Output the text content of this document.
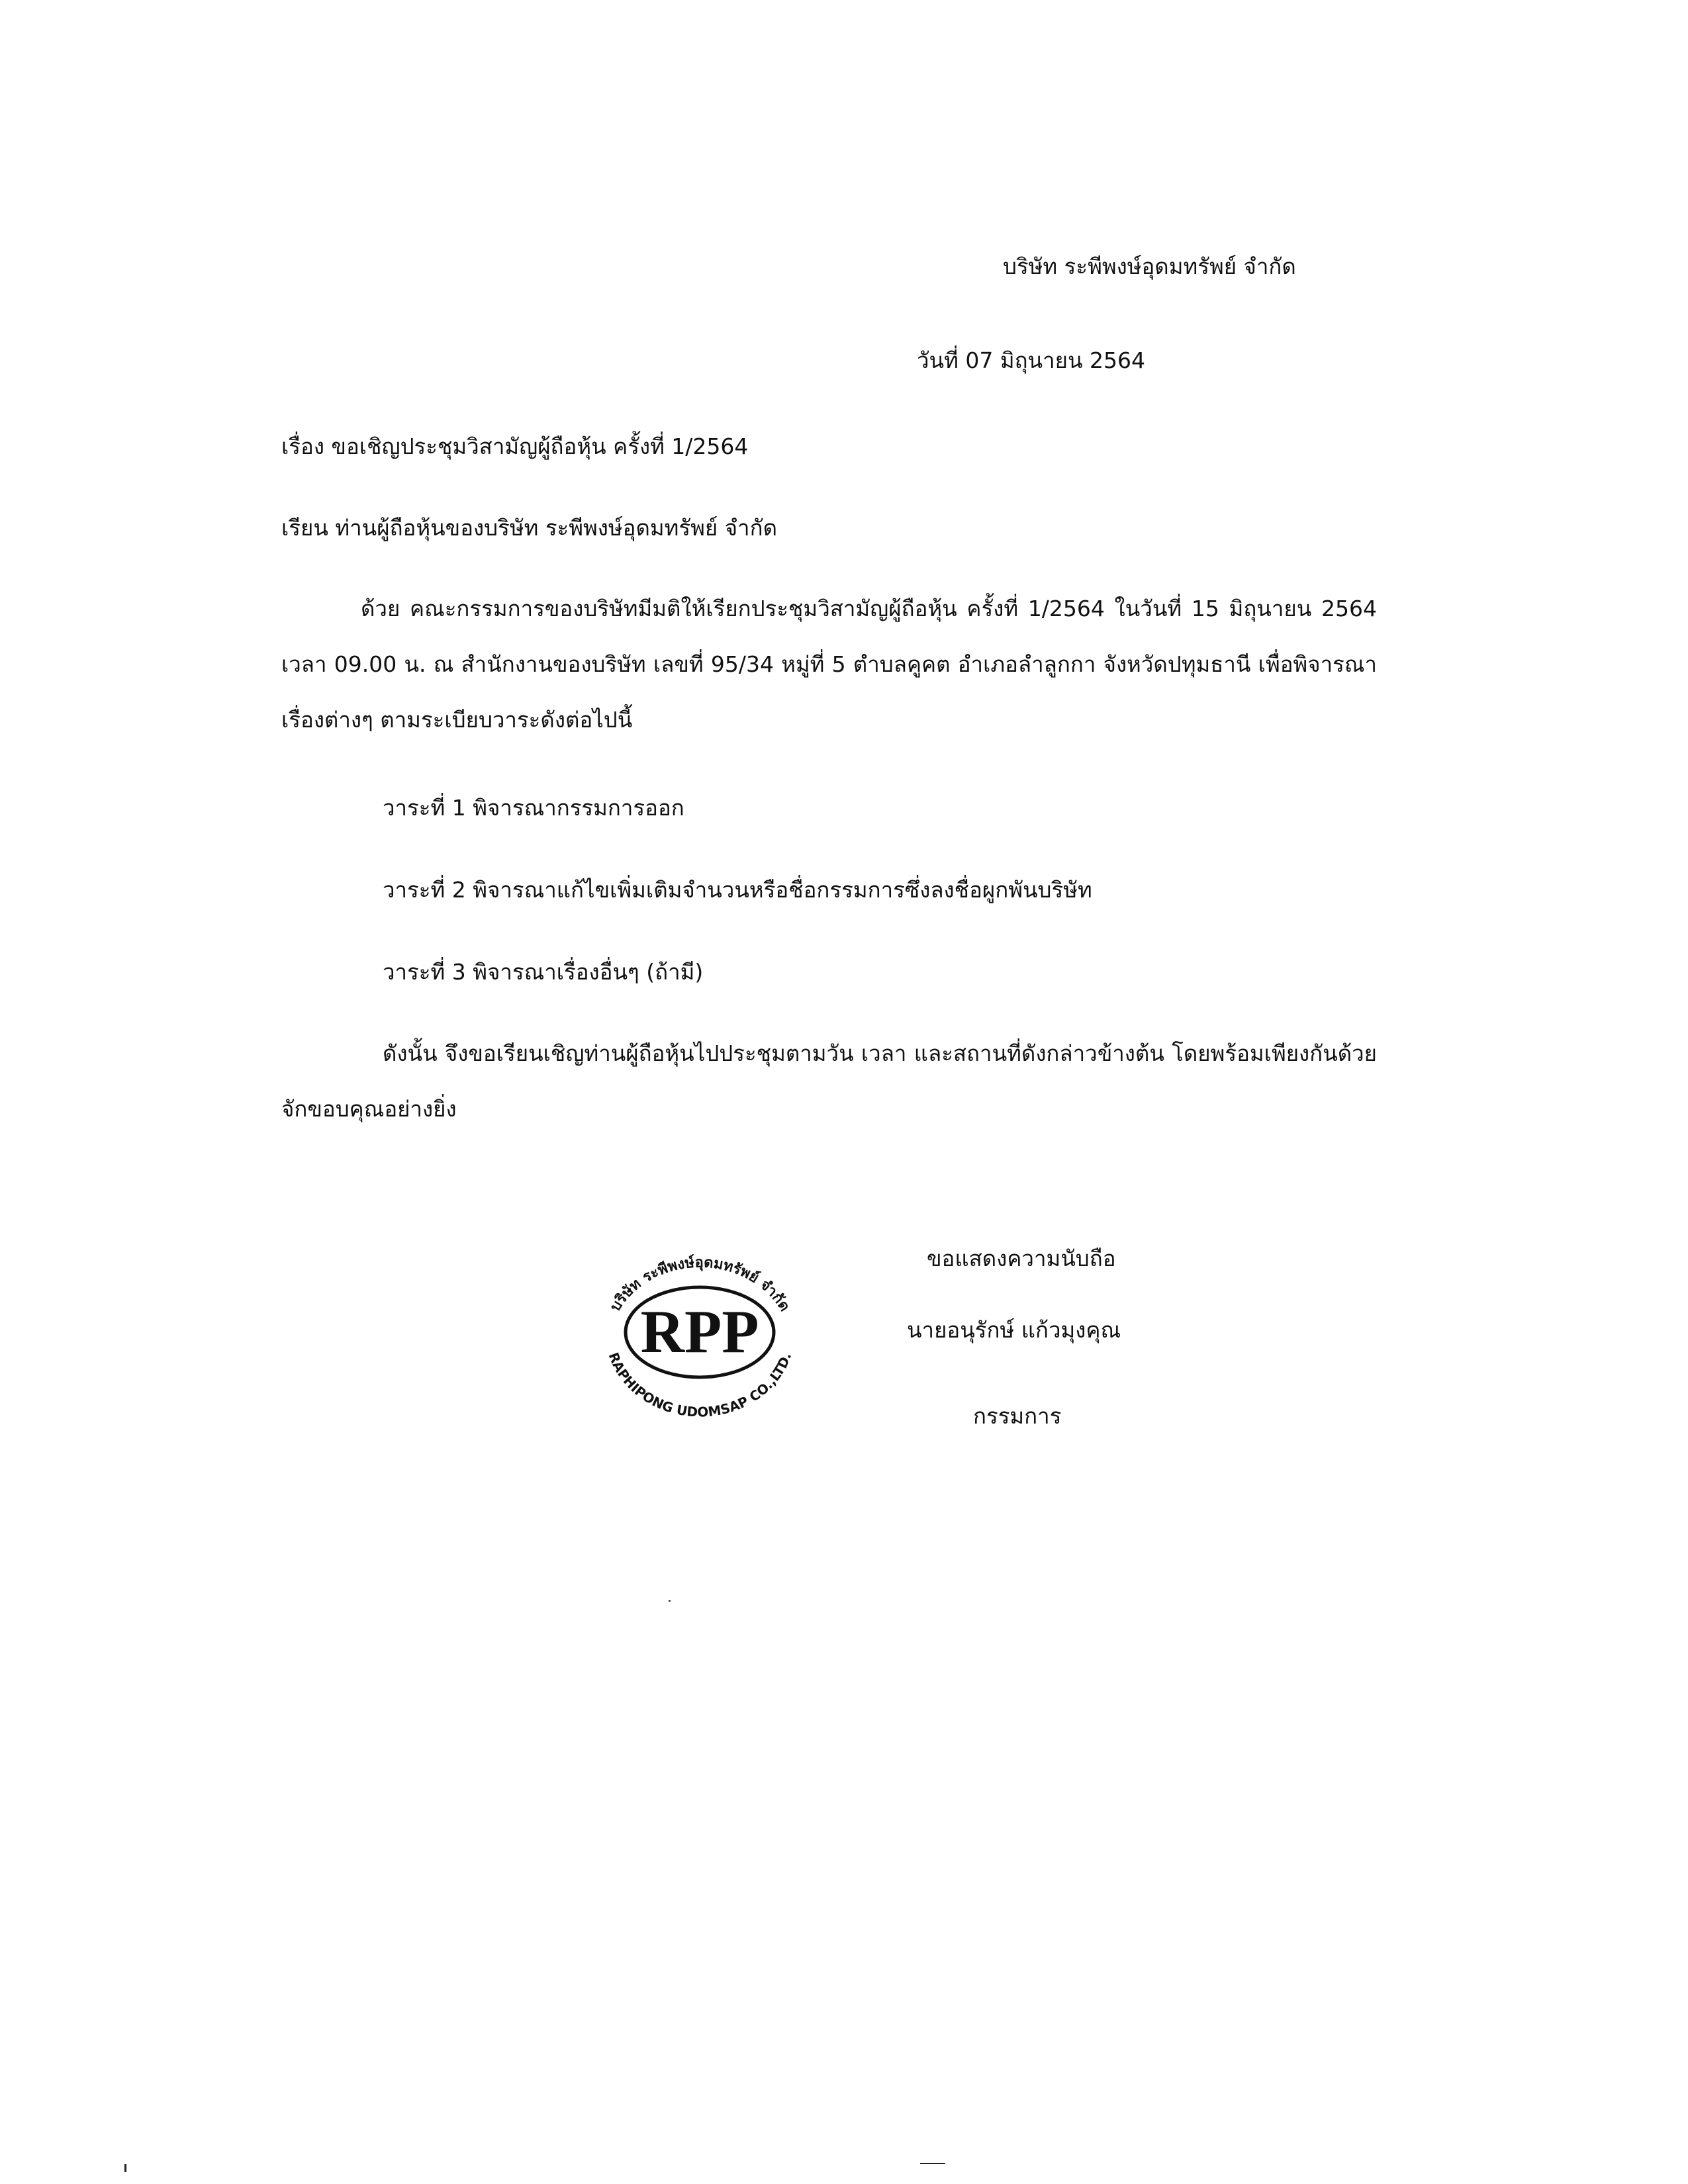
บริษัท ระพีพงษ์อุดมทรัพย์ จำกัด
วันที่ 07 มิถุนายน 2564
เรื่อง ขอเชิญประชุมวิสามัญผู้ถือหุ้น ครั้งที่ 1/2564
เรียน ท่านผู้ถือหุ้นของบริษัท ระพีพงษ์อุดมทรัพย์ จำกัด
ด้วย คณะกรรมการของบริษัทมีมติให้เรียกประชุมวิสามัญผู้ถือหุ้น ครั้งที่ 1/2564 ในวันที่ 15 มิถุนายน 2564
เวลา 09.00 น. ณ สำนักงานของบริษัท เลขที่ 95/34 หมู่ที่ 5 ตำบลคูคต อำเภอลำลูกกา จังหวัดปทุมธานี เพื่อพิจารณา
เรื่องต่างๆ ตามระเบียบวาระดังต่อไปนี้
วาระที่ 1 พิจารณากรรมการออก
วาระที่ 2 พิจารณาแก้ไขเพิ่มเติมจำนวนหรือชื่อกรรมการซึ่งลงชื่อผูกพันบริษัท
วาระที่ 3 พิจารณาเรื่องอื่นๆ (ถ้ามี)
ดังนั้น จึงขอเรียนเชิญท่านผู้ถือหุ้นไปประชุมตามวัน เวลา และสถานที่ดังกล่าวข้างต้น โดยพร้อมเพียงกันด้วย
จักขอบคุณอย่างยิ่ง
ขอแสดงความนับถือ
นายอนุรักษ์ แก้วมุงคุณ
กรรมการ
RPP
บริษัท ระพีพงษ์อุดมทรัพย์ จำกัด
RAPHIPONG UDOMSAP CO.,LTD.
